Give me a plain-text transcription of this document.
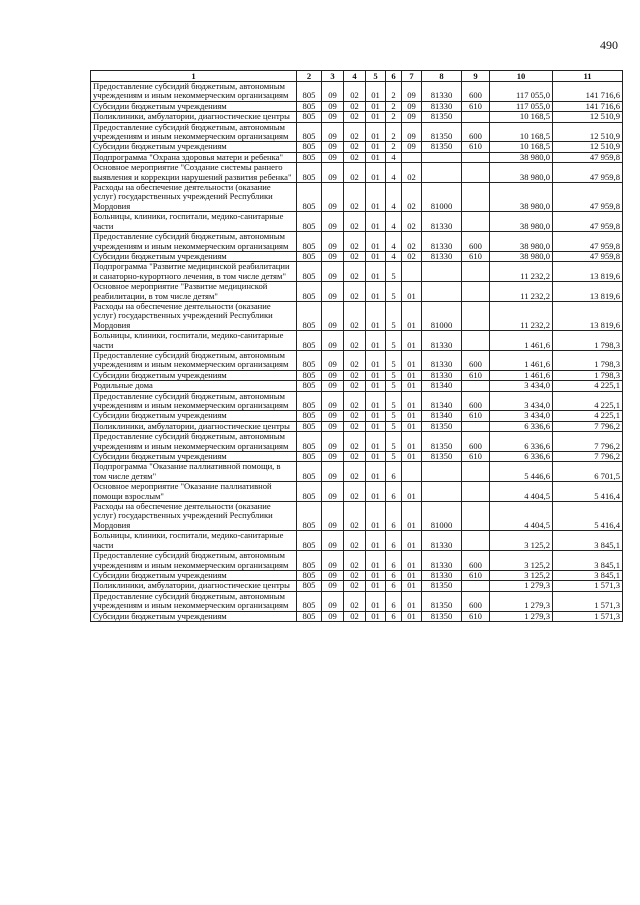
490
1	2	3	4	5	6	7	8	9	10	11
Предоставление субсидий бюджетным, автономным учреждениям и иным некоммерческим организациям	805	09	02	01	2	09	81330	600	117 055,0	141 716,6
Субсидии бюджетным учреждениям	805	09	02	01	2	09	81330	610	117 055,0	141 716,6
Поликлиники, амбулатории, диагностические центры	805	09	02	01	2	09	81350		10 168,5	12 510,9
Предоставление субсидий бюджетным, автономным учреждениям и иным некоммерческим организациям	805	09	02	01	2	09	81350	600	10 168,5	12 510,9
Субсидии бюджетным учреждениям	805	09	02	01	2	09	81350	610	10 168,5	12 510,9
Подпрограмма "Охрана здоровья матери и ребенка"	805	09	02	01	4				38 980,0	47 959,8
Основное мероприятие "Создание системы раннего выявления и коррекции нарушений развития ребенка"	805	09	02	01	4	02			38 980,0	47 959,8
Расходы на обеспечение деятельности (оказание услуг) государственных учреждений Республики Мордовия	805	09	02	01	4	02	81000		38 980,0	47 959,8
Больницы, клиники, госпитали, медико-санитарные части	805	09	02	01	4	02	81330		38 980,0	47 959,8
Предоставление субсидий бюджетным, автономным учреждениям и иным некоммерческим организациям	805	09	02	01	4	02	81330	600	38 980,0	47 959,8
Субсидии бюджетным учреждениям	805	09	02	01	4	02	81330	610	38 980,0	47 959,8
Подпрограмма "Развитие медицинской реабилитации и санаторно-курортного лечения, в том числе детям"	805	09	02	01	5				11 232,2	13 819,6
Основное мероприятие "Развитие медицинской реабилитации, в том числе детям"	805	09	02	01	5	01			11 232,2	13 819,6
Расходы на обеспечение деятельности (оказание услуг) государственных учреждений Республики Мордовия	805	09	02	01	5	01	81000		11 232,2	13 819,6
Больницы, клиники, госпитали, медико-санитарные части	805	09	02	01	5	01	81330		1 461,6	1 798,3
Предоставление субсидий бюджетным, автономным учреждениям и иным некоммерческим организациям	805	09	02	01	5	01	81330	600	1 461,6	1 798,3
Субсидии бюджетным учреждениям	805	09	02	01	5	01	81330	610	1 461,6	1 798,3
Родильные дома	805	09	02	01	5	01	81340		3 434,0	4 225,1
Предоставление субсидий бюджетным, автономным учреждениям и иным некоммерческим организациям	805	09	02	01	5	01	81340	600	3 434,0	4 225,1
Субсидии бюджетным учреждениям	805	09	02	01	5	01	81340	610	3 434,0	4 225,1
Поликлиники, амбулатории, диагностические центры	805	09	02	01	5	01	81350		6 336,6	7 796,2
Предоставление субсидий бюджетным, автономным учреждениям и иным некоммерческим организациям	805	09	02	01	5	01	81350	600	6 336,6	7 796,2
Субсидии бюджетным учреждениям	805	09	02	01	5	01	81350	610	6 336,6	7 796,2
Подпрограмма "Оказание паллиативной помощи, в том числе детям"	805	09	02	01	6				5 446,6	6 701,5
Основное мероприятие "Оказание паллиативной помощи взрослым"	805	09	02	01	6	01			4 404,5	5 416,4
Расходы на обеспечение деятельности (оказание услуг) государственных учреждений Республики Мордовия	805	09	02	01	6	01	81000		4 404,5	5 416,4
Больницы, клиники, госпитали, медико-санитарные части	805	09	02	01	6	01	81330		3 125,2	3 845,1
Предоставление субсидий бюджетным, автономным учреждениям и иным некоммерческим организациям	805	09	02	01	6	01	81330	600	3 125,2	3 845,1
Субсидии бюджетным учреждениям	805	09	02	01	6	01	81330	610	3 125,2	3 845,1
Поликлиники, амбулатории, диагностические центры	805	09	02	01	6	01	81350		1 279,3	1 571,3
Предоставление субсидий бюджетным, автономным учреждениям и иным некоммерческим организациям	805	09	02	01	6	01	81350	600	1 279,3	1 571,3
Субсидии бюджетным учреждениям	805	09	02	01	6	01	81350	610	1 279,3	1 571,3
